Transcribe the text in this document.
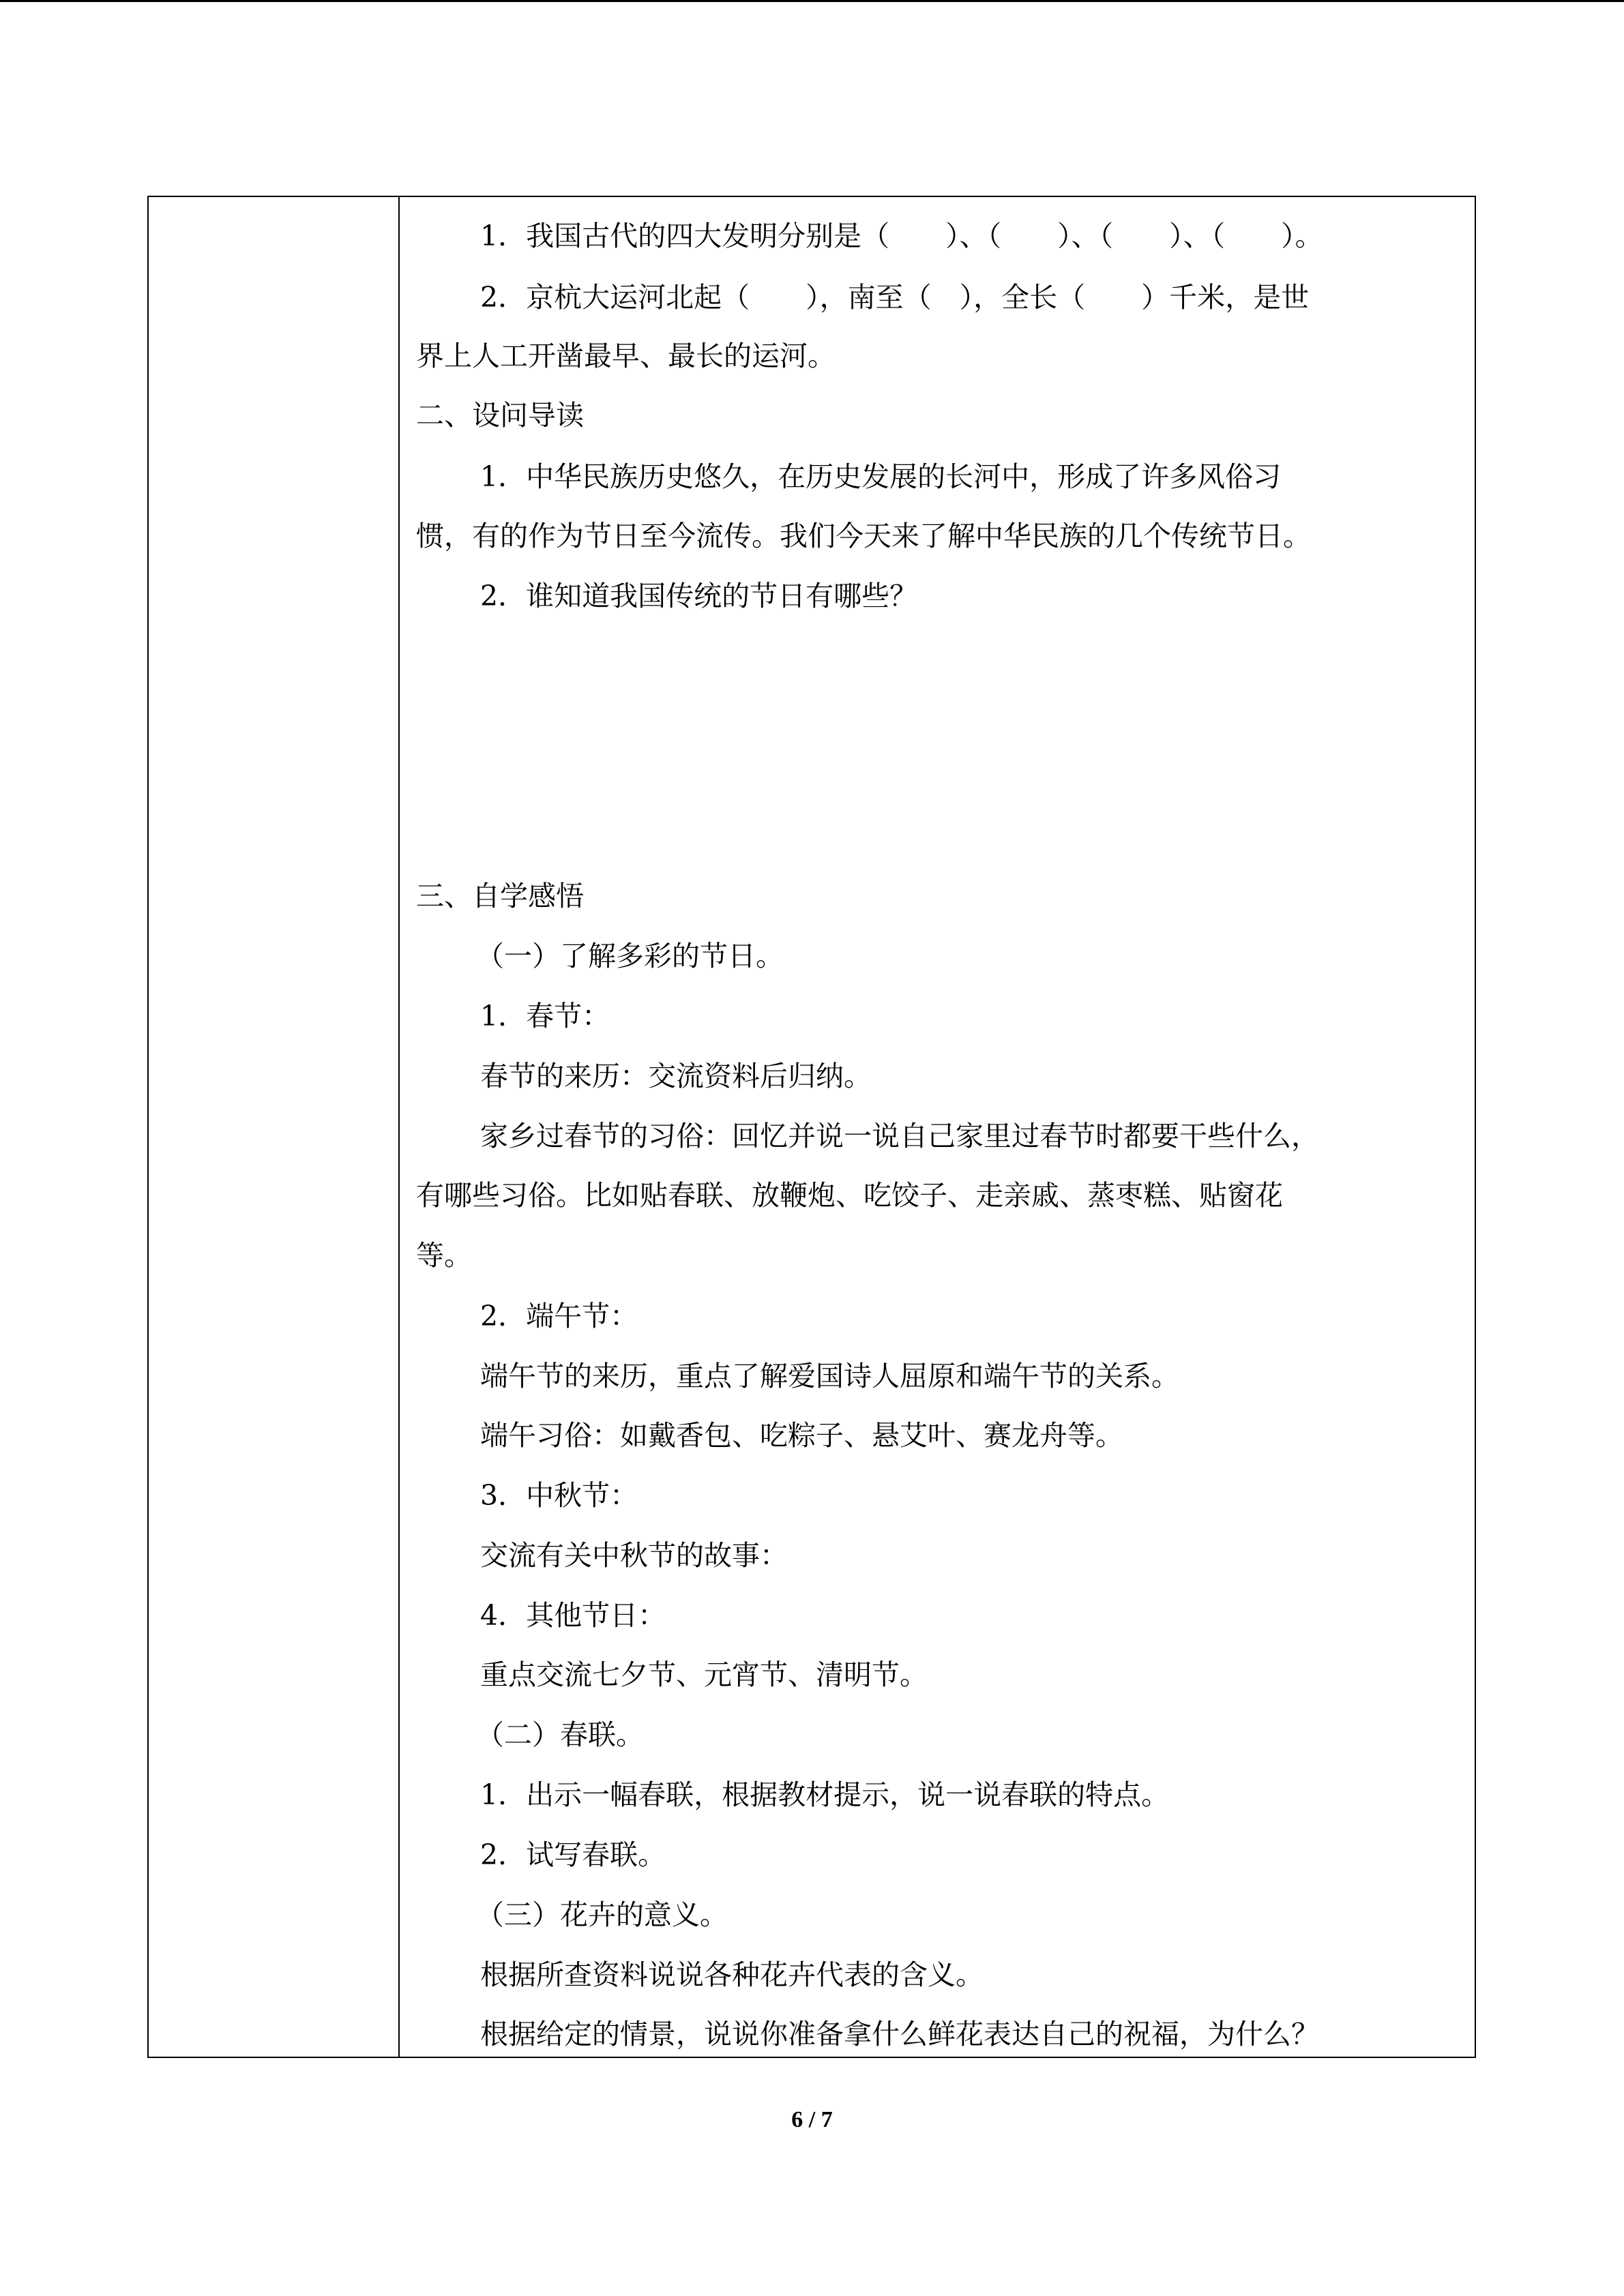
1．我国古代的四大发明分别是（　　）、（　　）、（　　）、（　　）。
2．京杭大运河北起（　　），南至（　），全长（　　）千米，是世
界上人工开凿最早、最长的运河。
二、设问导读
1．中华民族历史悠久，在历史发展的长河中，形成了许多风俗习
惯，有的作为节日至今流传。我们今天来了解中华民族的几个传统节日。
2．谁知道我国传统的节日有哪些？
三、自学感悟
（一）了解多彩的节日。
1．春节：
春节的来历：交流资料后归纳。
家乡过春节的习俗：回忆并说一说自己家里过春节时都要干些什么，
有哪些习俗。比如贴春联、放鞭炮、吃饺子、走亲戚、蒸枣糕、贴窗花
等。
2．端午节：
端午节的来历，重点了解爱国诗人屈原和端午节的关系。
端午习俗：如戴香包、吃粽子、悬艾叶、赛龙舟等。
3．中秋节：
交流有关中秋节的故事：
4．其他节日：
重点交流七夕节、元宵节、清明节。
（二）春联。
1．出示一幅春联，根据教材提示，说一说春联的特点。
2．试写春联。
（三）花卉的意义。
根据所查资料说说各种花卉代表的含义。
根据给定的情景，说说你准备拿什么鲜花表达自己的祝福，为什么？
6 / 7
